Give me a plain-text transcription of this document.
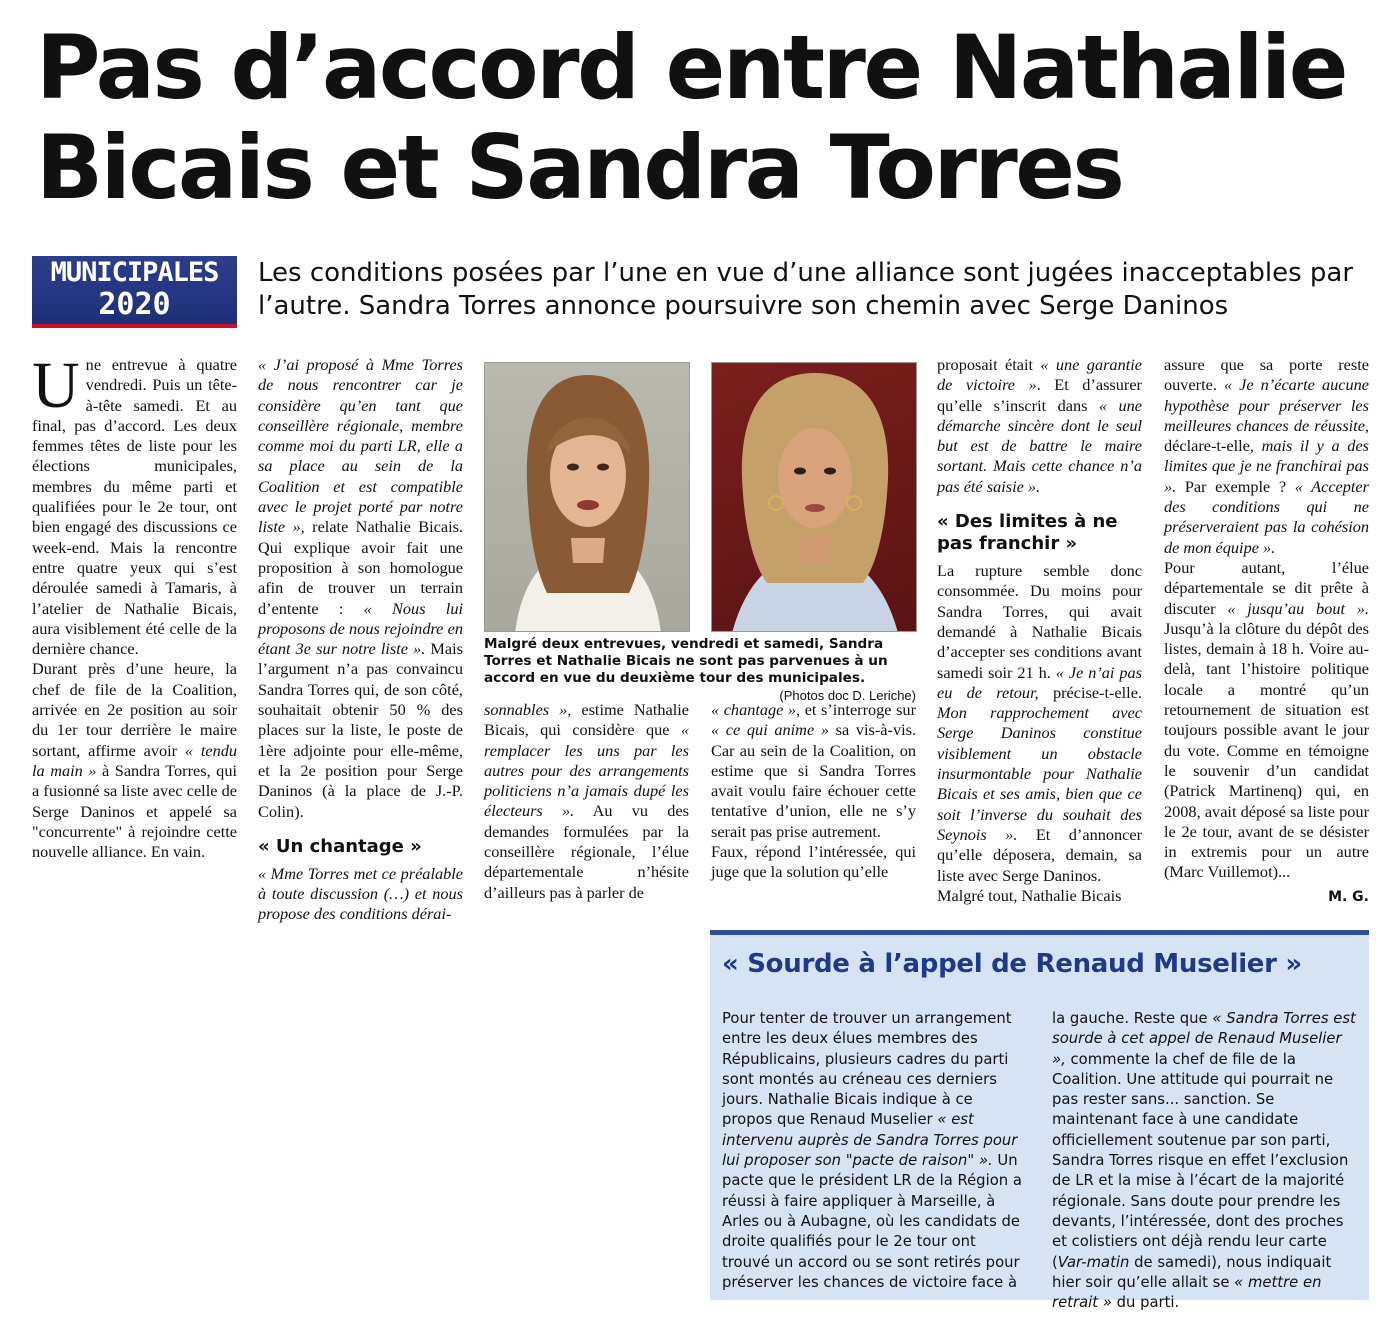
Pas d’accord entre Nathalie Bicais et Sandra Torres
MUNICIPALES
2020

Les conditions posées par l’une en vue d’une alliance sont jugées inacceptables par l’autre. Sandra Torres annonce poursuivre son chemin avec Serge Daninos

Une entrevue à quatre vendredi. Puis un tête-à-tête samedi. Et au final, pas d’accord. Les deux femmes têtes de liste pour les élections municipales, membres du même parti et qualifiées pour le 2e tour, ont bien engagé des discussions ce week-end. Mais la rencontre entre quatre yeux qui s’est déroulée samedi à Tamaris, à l’atelier de Nathalie Bicais, aura visiblement été celle de la dernière chance.

Durant près d’une heure, la chef de file de la Coalition, arrivée en 2e position au soir du 1er tour derrière le maire sortant, affirme avoir « tendu la main » à Sandra Torres, qui a fusionné sa liste avec celle de Serge Daninos et appelé sa "concurrente" à rejoindre cette nouvelle alliance. En vain.

« J’ai proposé à Mme Torres de nous rencontrer car je considère qu’en tant que conseillère régionale, membre comme moi du parti LR, elle a sa place au sein de la Coalition et est compatible avec le projet porté par notre liste », relate Nathalie Bicais. Qui explique avoir fait une proposition à son homologue afin de trouver un terrain d’entente : « Nous lui proposons de nous rejoindre en étant 3e sur notre liste ». Mais l’argument n’a pas convaincu Sandra Torres qui, de son côté, souhaitait obtenir 50 % des places sur la liste, le poste de 1ère adjointe pour elle-même, et la 2e position pour Serge Daninos (à la place de J.-P. Colin).

« Un chantage »

« Mme Torres met ce préalable à toute discussion (…) et nous propose des conditions dérai-

Malgré deux entrevues, vendredi et samedi, Sandra Torres et Nathalie Bicais ne sont pas parvenues à un accord en vue du deuxième tour des municipales.
(Photos doc D. Leriche)

sonnables », estime Nathalie Bicais, qui considère que « remplacer les uns par les autres pour des arrangements politiciens n’a jamais dupé les électeurs ». Au vu des demandes formulées par la conseillère régionale, l’élue départementale n’hésite d’ailleurs pas à parler de

« chantage », et s’interroge sur « ce qui anime » sa vis-à-vis. Car au sein de la Coalition, on estime que si Sandra Torres avait voulu faire échouer cette tentative d’union, elle ne s’y serait pas prise autrement.

Faux, répond l’intéressée, qui juge que la solution qu’elle

proposait était « une garantie de victoire ». Et d’assurer qu’elle s’inscrit dans « une démarche sincère dont le seul but est de battre le maire sortant. Mais cette chance n’a pas été saisie ».

« Des limites à ne pas franchir »

La rupture semble donc consommée. Du moins pour Sandra Torres, qui avait demandé à Nathalie Bicais d’accepter ses conditions avant samedi soir 21 h. « Je n’ai pas eu de retour, précise-t-elle. Mon rapprochement avec Serge Daninos constitue visiblement un obstacle insurmontable pour Nathalie Bicais et ses amis, bien que ce soit l’inverse du souhait des Seynois ». Et d’annoncer qu’elle déposera, demain, sa liste avec Serge Daninos.

Malgré tout, Nathalie Bicais

assure que sa porte reste ouverte. « Je n’écarte aucune hypothèse pour préserver les meilleures chances de réussite, déclare-t-elle, mais il y a des limites que je ne franchirai pas ». Par exemple ? « Accepter des conditions qui ne préserveraient pas la cohésion de mon équipe ».

Pour autant, l’élue départementale se dit prête à discuter « jusqu’au bout ». Jusqu’à la clôture du dépôt des listes, demain à 18 h. Voire au-delà, tant l’histoire politique locale a montré qu’un retournement de situation est toujours possible avant le jour du vote. Comme en témoigne le souvenir d’un candidat (Patrick Martinenq) qui, en 2008, avait déposé sa liste pour le 2e tour, avant de se désister in extremis pour un autre (Marc Vuillemot)...

M. G.
« Sourde à l’appel de Renaud Muselier »

Pour tenter de trouver un arrangement entre les deux élues membres des Républicains, plusieurs cadres du parti sont montés au créneau ces derniers jours. Nathalie Bicais indique à ce propos que Renaud Muselier « est intervenu auprès de Sandra Torres pour lui proposer son "pacte de raison" ». Un pacte que le président LR de la Région a réussi à faire appliquer à Marseille, à Arles ou à Aubagne, où les candidats de droite qualifiés pour le 2e tour ont trouvé un accord ou se sont retirés pour préserver les chances de victoire face à

la gauche. Reste que « Sandra Torres est sourde à cet appel de Renaud Muselier », commente la chef de file de la Coalition. Une attitude qui pourrait ne pas rester sans... sanction. Se maintenant face à une candidate officiellement soutenue par son parti, Sandra Torres risque en effet l’exclusion de LR et la mise à l’écart de la majorité régionale. Sans doute pour prendre les devants, l’intéressée, dont des proches et colistiers ont déjà rendu leur carte (Var-matin de samedi), nous indiquait hier soir qu’elle allait se « mettre en retrait » du parti.
